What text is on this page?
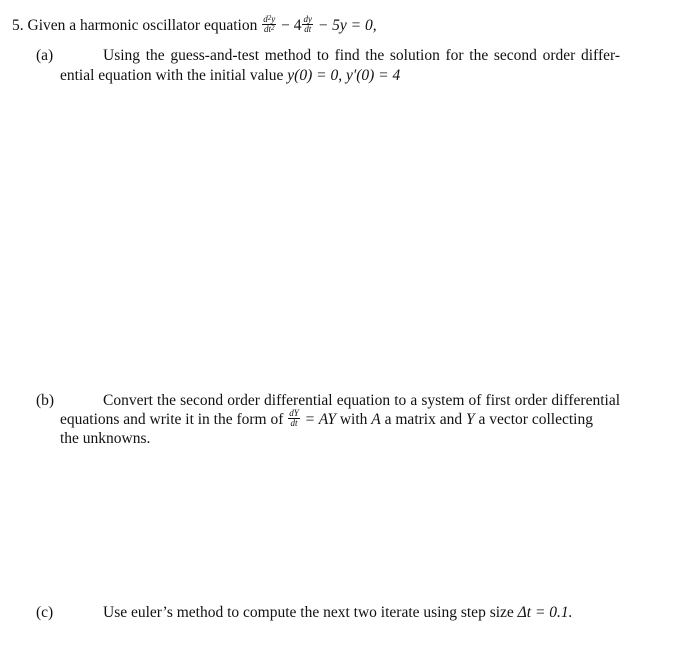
5. Given a harmonic oscillator equation $\frac{d^2y}{dt^2} - 4 \frac{dy}{dt} - 5y = 0$,
(a)	Using the guess-and-test method to find the solution for the second order differ-
ential equation with the initial value y(0) = 0, y′(0) = 4
(b)	Convert the second order differential equation to a system of first order differential
equations and write it in the form of $\frac{dY}{dt}$ = AY with A a matrix and Y a vector collecting
the unknowns.
(c)	Use euler’s method to compute the next two iterate using step size Δt = 0.1.
